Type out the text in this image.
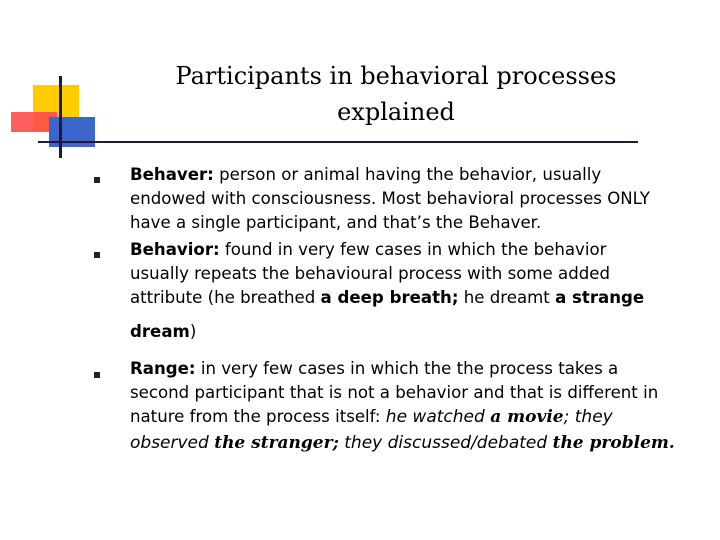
Participants in behavioral processes
explained
Behaver: person or animal having the behavior, usually
endowed with consciousness. Most behavioral processes ONLY
have a single participant, and that’s the Behaver.
Behavior: found in very few cases in which the behavior
usually repeats the behavioural process with some added
attribute (he breathed a deep breath; he dreamt a strange
dream)
Range: in very few cases in which the the process takes a
second participant that is not a behavior and that is different in
nature from the process itself: he watched a movie; they
observed the stranger; they discussed/debated the problem.
